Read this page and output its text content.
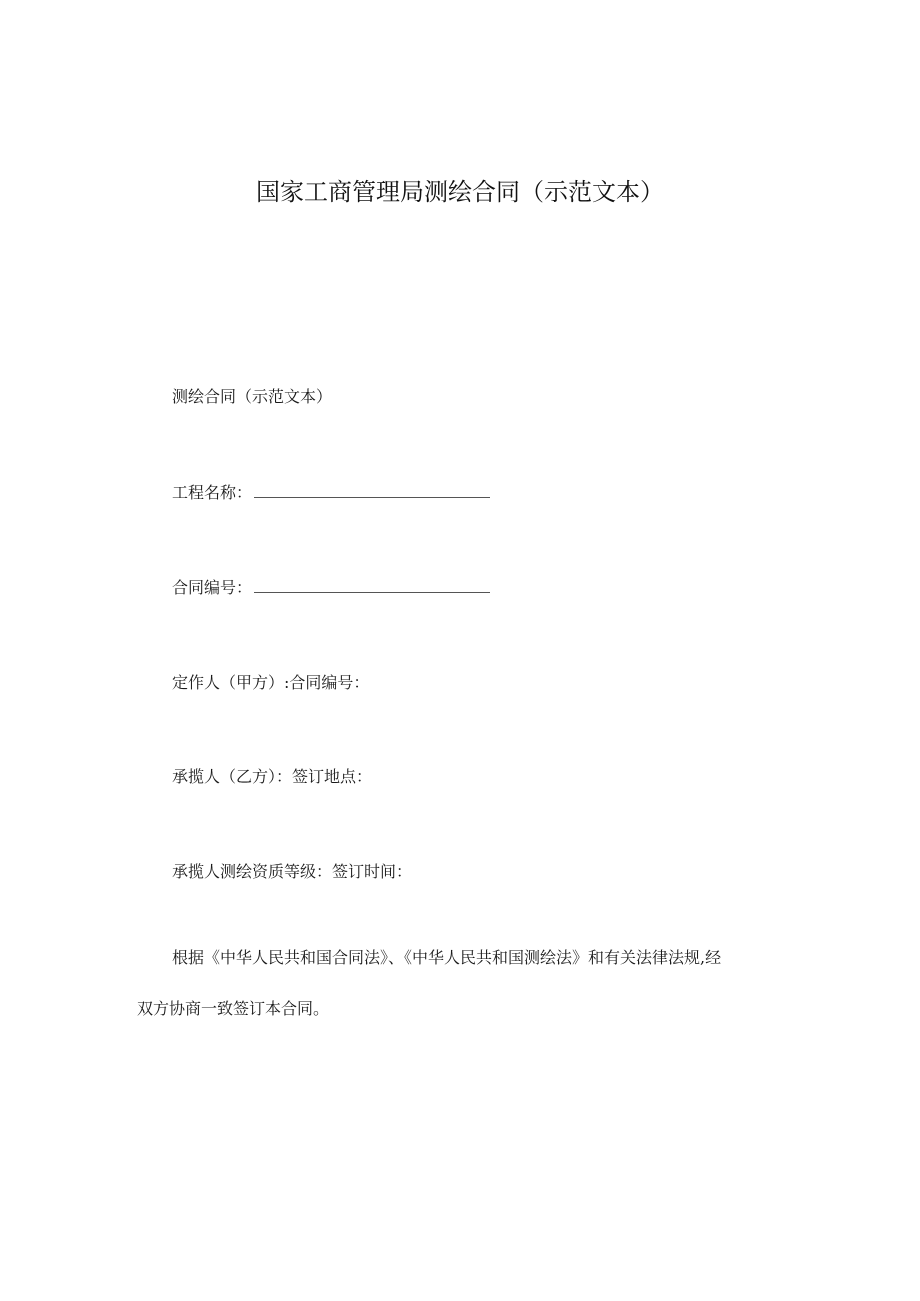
国家工商管理局测绘合同（示范文本）
测绘合同（示范文本）
工程名称：
合同编号：
定作人（甲方）:合同编号：
承揽人（乙方）：签订地点：
承揽人测绘资质等级：签订时间：
根据《中华人民共和国合同法》、《中华人民共和国测绘法》和有关法律法规,经
双方协商一致签订本合同。
